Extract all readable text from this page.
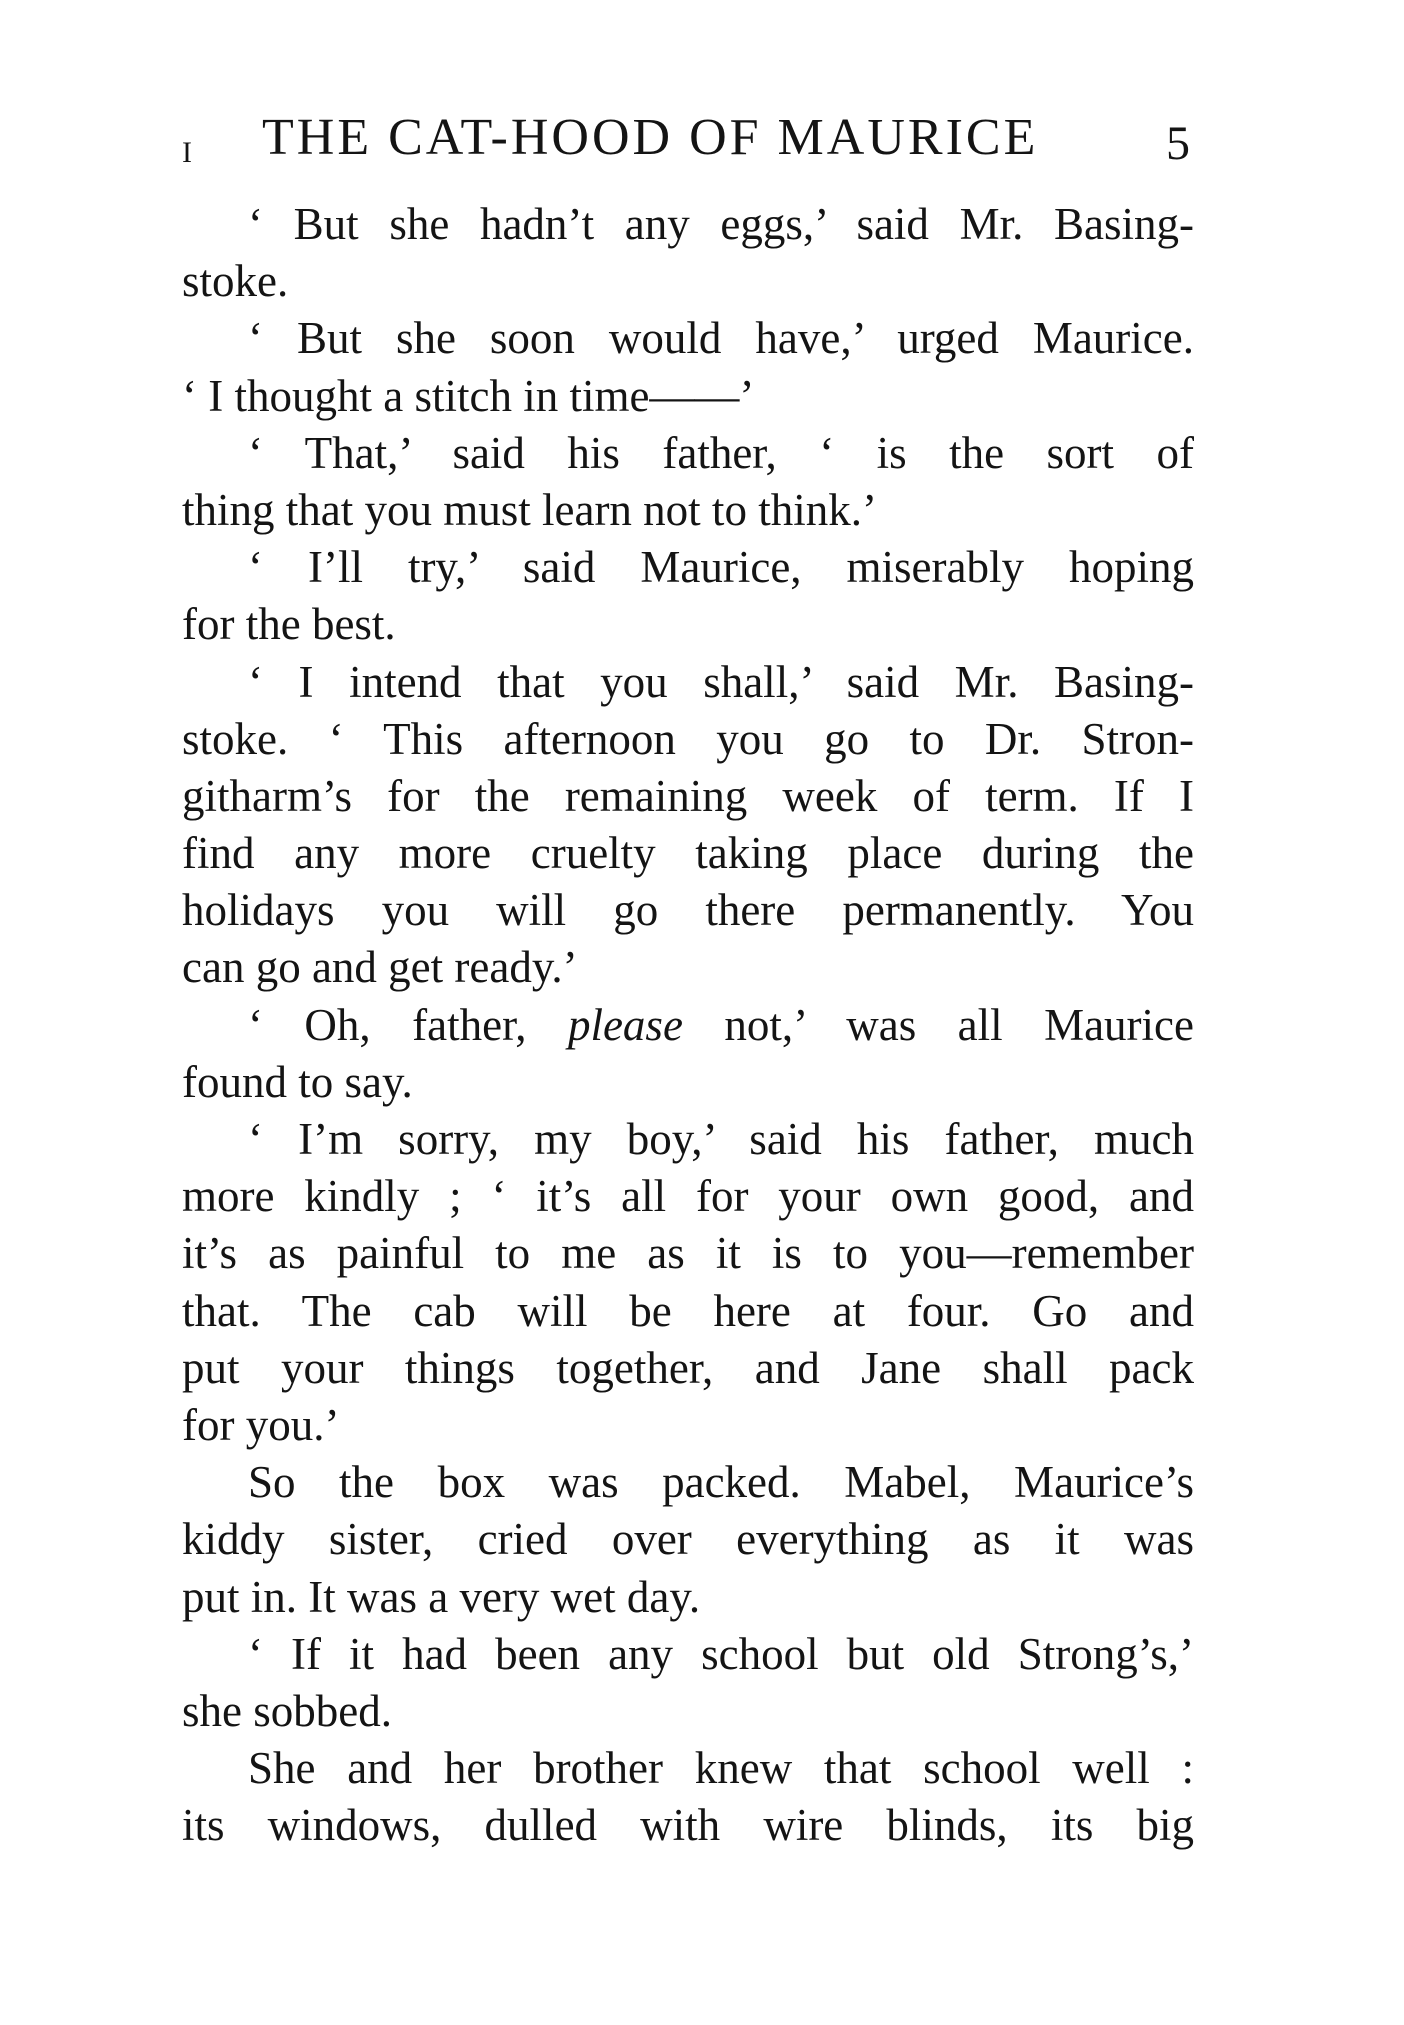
I THE CAT-HOOD OF MAURICE	5
‘ But she hadn’t any eggs,’ said Mr. Basing-
stoke.
‘ But she soon would have,’ urged Maurice.
‘ I thought a stitch in time——’
‘ That,’ said his father, ‘ is the sort of
thing that you must learn not to think.’
‘ I’ll try,’ said Maurice, miserably hoping
for the best.
‘ I intend that you shall,’ said Mr. Basing-
stoke. ‘ This afternoon you go to Dr. Stron-
githarm’s for the remaining week of term. If I
find any more cruelty taking place during the
holidays you will go there permanently. You
can go and get ready.’
‘ Oh, father, please not,’ was all Maurice
found to say.
‘ I’m sorry, my boy,’ said his father, much
more kindly ; ‘ it’s all for your own good, and
it’s as painful to me as it is to you—remember
that. The cab will be here at four. Go and
put your things together, and Jane shall pack
for you.’
So the box was packed. Mabel, Maurice’s
kiddy sister, cried over everything as it was
put in. It was a very wet day.
‘ If it had been any school but old Strong’s,’
she sobbed.
She and her brother knew that school well :
its windows, dulled with wire blinds, its big
